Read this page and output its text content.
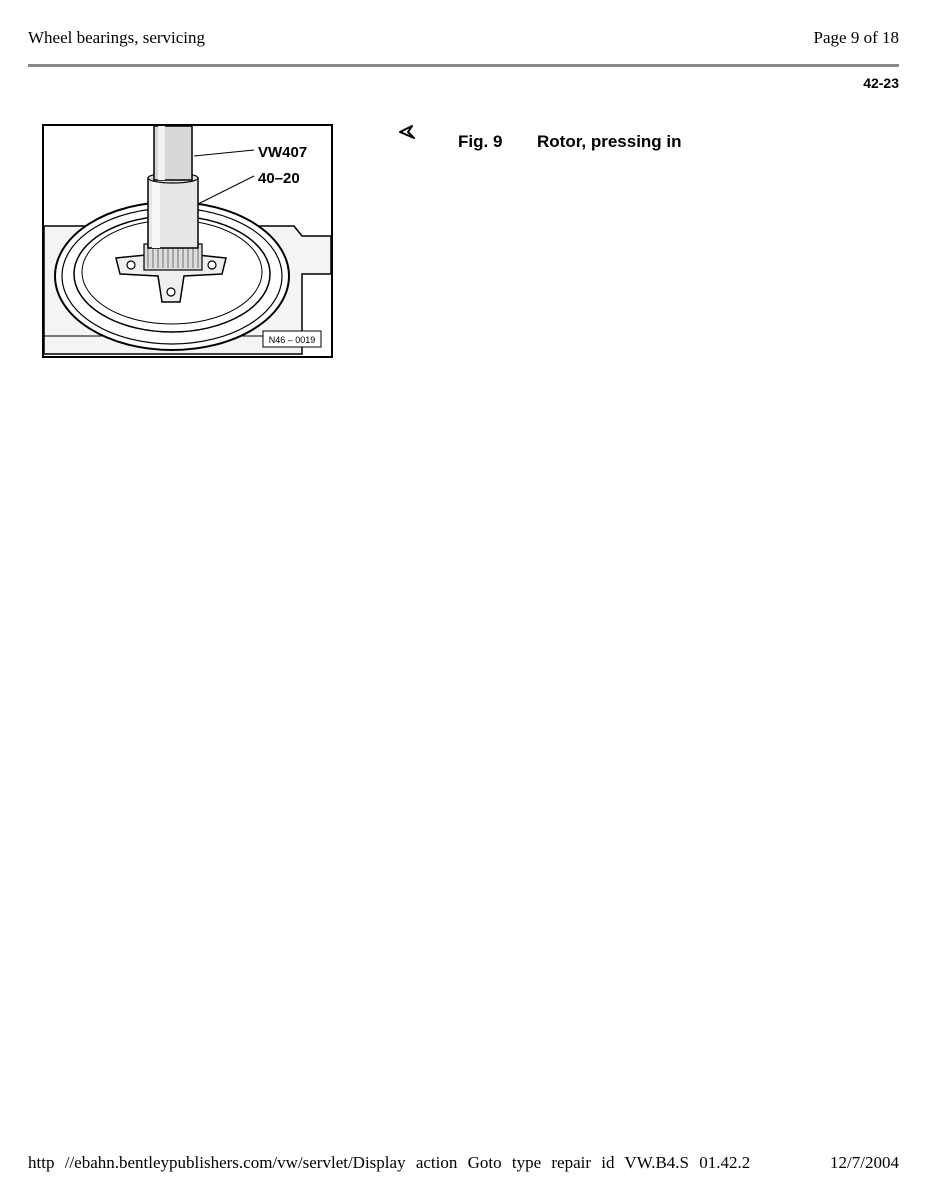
Wheel bearings, servicing	Page 9 of 18
42-23
VW407
40–20
N46 – 0019
Fig. 9 Rotor, pressing in
http //ebahn.bentleypublishers.com/vw/servlet/Display action Goto type repair id VW.B4.S 01.42.2	12/7/2004
